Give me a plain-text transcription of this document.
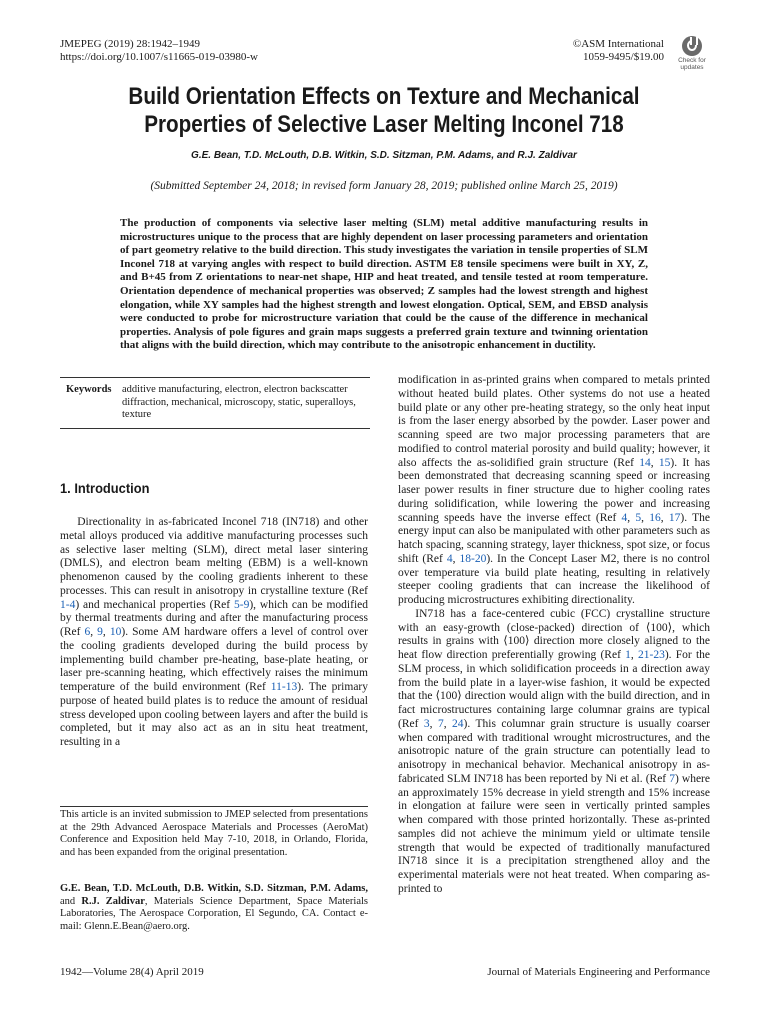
JMEPEG (2019) 28:1942–1949
https://doi.org/10.1007/s11665-019-03980-w
©ASM International
1059-9495/$19.00	Check for
updates
Build Orientation Effects on Texture and Mechanical
Properties of Selective Laser Melting Inconel 718
G.E. Bean, T.D. McLouth, D.B. Witkin, S.D. Sitzman, P.M. Adams, and R.J. Zaldivar
(Submitted September 24, 2018; in revised form January 28, 2019; published online March 25, 2019)
The production of components via selective laser melting (SLM) metal additive manufacturing results in microstructures unique to the process that are highly dependent on laser processing parameters and orientation of part geometry relative to the build direction. This study investigates the variation in tensile properties of SLM Inconel 718 at varying angles with respect to build direction. ASTM E8 tensile specimens were built in XY, Z, and B+45 from Z orientations to near-net shape, HIP and heat treated, and tensile tested at room temperature. Orientation dependence of mechanical properties was observed; Z samples had the lowest strength and highest elongation, while XY samples had the highest strength and lowest elongation. Optical, SEM, and EBSD analysis were conducted to probe for microstructure variation that could be the cause of the difference in mechanical properties. Analysis of pole figures and grain maps suggests a preferred grain texture and twinning orientation that aligns with the build direction, which may contribute to the anisotropic enhancement in ductility.
Keywords	additive manufacturing, electron, electron backscatter diffraction, mechanical, microscopy, static, superalloys, texture
1. Introduction

Directionality in as-fabricated Inconel 718 (IN718) and other metal alloys produced via additive manufacturing processes such as selective laser melting (SLM), direct metal laser sintering (DMLS), and electron beam melting (EBM) is a well-known phenomenon caused by the cooling gradients inherent to these processes. This can result in anisotropy in crystalline texture (Ref 1-4) and mechanical properties (Ref 5-9), which can be modified by thermal treatments during and after the manufacturing process (Ref 6, 9, 10). Some AM hardware offers a level of control over the cooling gradients developed during the build process by implementing build chamber pre-heating, base-plate heating, or laser pre-scanning heating, which effectively raises the minimum temperature of the build environment (Ref 11-13). The primary purpose of heated build plates is to reduce the amount of residual stress developed upon cooling between layers and after the build is completed, but it may also act as an in situ heat treatment, resulting in a

modification in as-printed grains when compared to metals printed without heated build plates. Other systems do not use a heated build plate or any other pre-heating strategy, so the only heat input is from the laser energy absorbed by the powder. Laser power and scanning speed are two major processing parameters that are modified to control material porosity and build quality; however, it also affects the as-solidified grain structure (Ref 14, 15). It has been demonstrated that decreasing scanning speed or increasing laser power results in finer structure due to higher cooling rates during solidification, while lowering the power and increasing scanning speeds have the inverse effect (Ref 4, 5, 16, 17). The energy input can also be manipulated with other parameters such as hatch spacing, scanning strategy, layer thickness, spot size, or focus shift (Ref 4, 18-20). In the Concept Laser M2, there is no control over temperature via build plate heating, resulting in relatively steeper cooling gradients that can increase the likelihood of producing microstructures exhibiting directionality.

IN718 has a face-centered cubic (FCC) crystalline structure with an easy-growth (close-packed) direction of ⟨100⟩, which results in grains with ⟨100⟩ direction more closely aligned to the heat flow direction preferentially growing (Ref 1, 21-23). For the SLM process, in which solidification proceeds in a direction away from the build plate in a layer-wise fashion, it would be expected that the ⟨100⟩ direction would align with the build direction, and in fact microstructures containing large columnar grains are typical (Ref 3, 7, 24). This columnar grain structure is usually coarser when compared with traditional wrought microstructures, and the anisotropic nature of the grain structure can potentially lead to anisotropy in mechanical behavior. Mechanical anisotropy in as-fabricated SLM IN718 has been reported by Ni et al. (Ref 7) where an approximately 15% decrease in yield strength and 15% increase in elongation at failure were seen in vertically printed samples when compared with those printed horizontally. These as-printed samples did not achieve the minimum yield or ultimate tensile strength that would be expected of traditionally manufactured IN718 since it is a precipitation strengthened alloy and the experimental materials were not heat treated. When comparing as-printed to

This article is an invited submission to JMEP selected from presentations at the 29th Advanced Aerospace Materials and Processes (AeroMat) Conference and Exposition held May 7-10, 2018, in Orlando, Florida, and has been expanded from the original presentation.
G.E. Bean, T.D. McLouth, D.B. Witkin, S.D. Sitzman, P.M. Adams, and R.J. Zaldivar, Materials Science Department, Space Materials Laboratories, The Aerospace Corporation, El Segundo, CA. Contact e-mail: Glenn.E.Bean@aero.org.
1942—Volume 28(4) April 2019	Journal of Materials Engineering and Performance
